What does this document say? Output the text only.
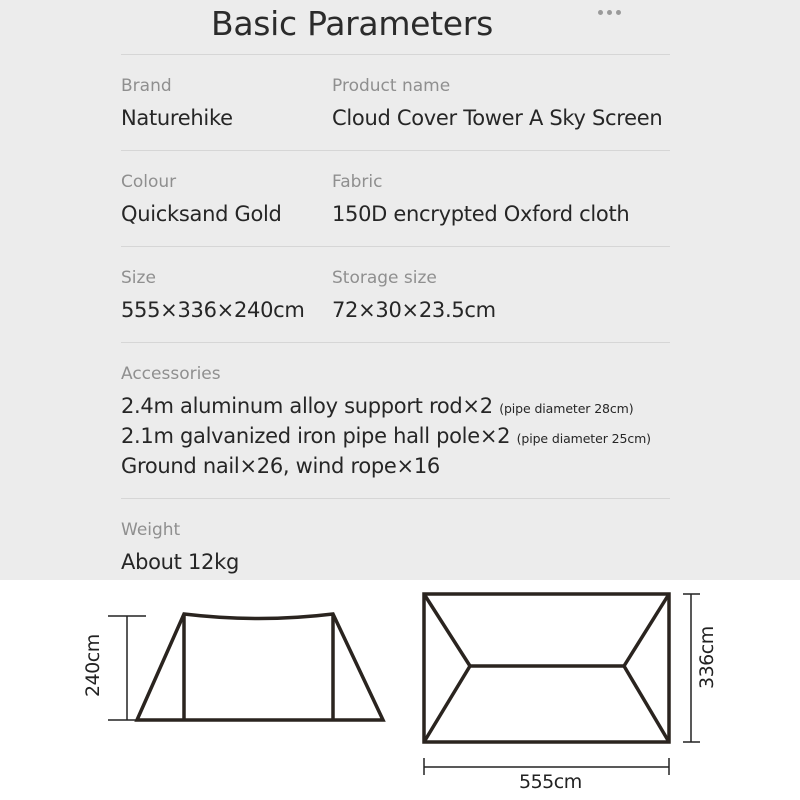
Basic Parameters
Brand
Naturehike
Product name
Cloud Cover Tower A Sky Screen
Colour
Quicksand Gold
Fabric
150D encrypted Oxford cloth
Size
555×336×240cm
Storage size
72×30×23.5cm
Accessories
2.4m aluminum alloy support rod×2 (pipe diameter 28cm)
2.1m galvanized iron pipe hall pole×2 (pipe diameter 25cm)
Ground nail×26, wind rope×16
Weight
About 12kg
240cm	336cm
555cm
